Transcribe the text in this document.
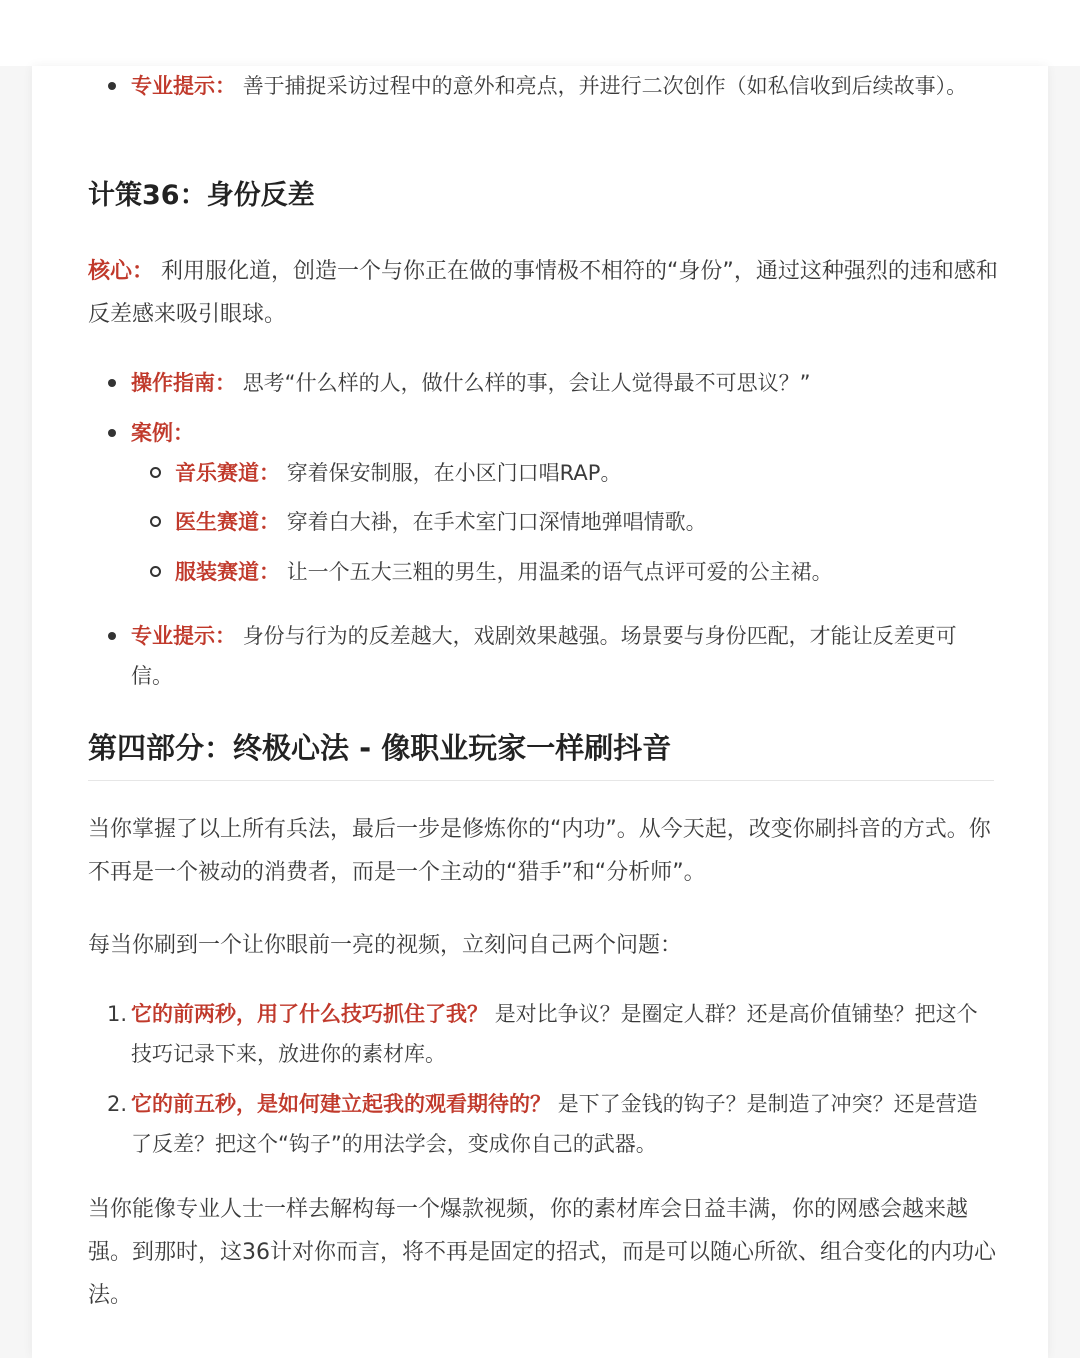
专业提示： 善于捕捉采访过程中的意外和亮点，并进行二次创作（如私信收到后续故事）。
计策36：身份反差
核心： 利用服化道，创造一个与你正在做的事情极不相符的“身份”，通过这种强烈的违和感和反差感来吸引眼球。
操作指南： 思考“什么样的人，做什么样的事，会让人觉得最不可思议？”
案例：
音乐赛道： 穿着保安制服，在小区门口唱RAP。
医生赛道： 穿着白大褂，在手术室门口深情地弹唱情歌。
服装赛道： 让一个五大三粗的男生，用温柔的语气点评可爱的公主裙。
专业提示： 身份与行为的反差越大，戏剧效果越强。场景要与身份匹配，才能让反差更可信。
第四部分：终极心法 - 像职业玩家一样刷抖音
当你掌握了以上所有兵法，最后一步是修炼你的“内功”。从今天起，改变你刷抖音的方式。你不再是一个被动的消费者，而是一个主动的“猎手”和“分析师”。
每当你刷到一个让你眼前一亮的视频，立刻问自己两个问题：
1. 它的前两秒，用了什么技巧抓住了我？ 是对比争议？是圈定人群？还是高价值铺垫？把这个技巧记录下来，放进你的素材库。
2. 它的前五秒，是如何建立起我的观看期待的？ 是下了金钱的钩子？是制造了冲突？还是营造了反差？把这个“钩子”的用法学会，变成你自己的武器。
当你能像专业人士一样去解构每一个爆款视频，你的素材库会日益丰满，你的网感会越来越强。到那时，这36计对你而言，将不再是固定的招式，而是可以随心所欲、组合变化的内功心法。
